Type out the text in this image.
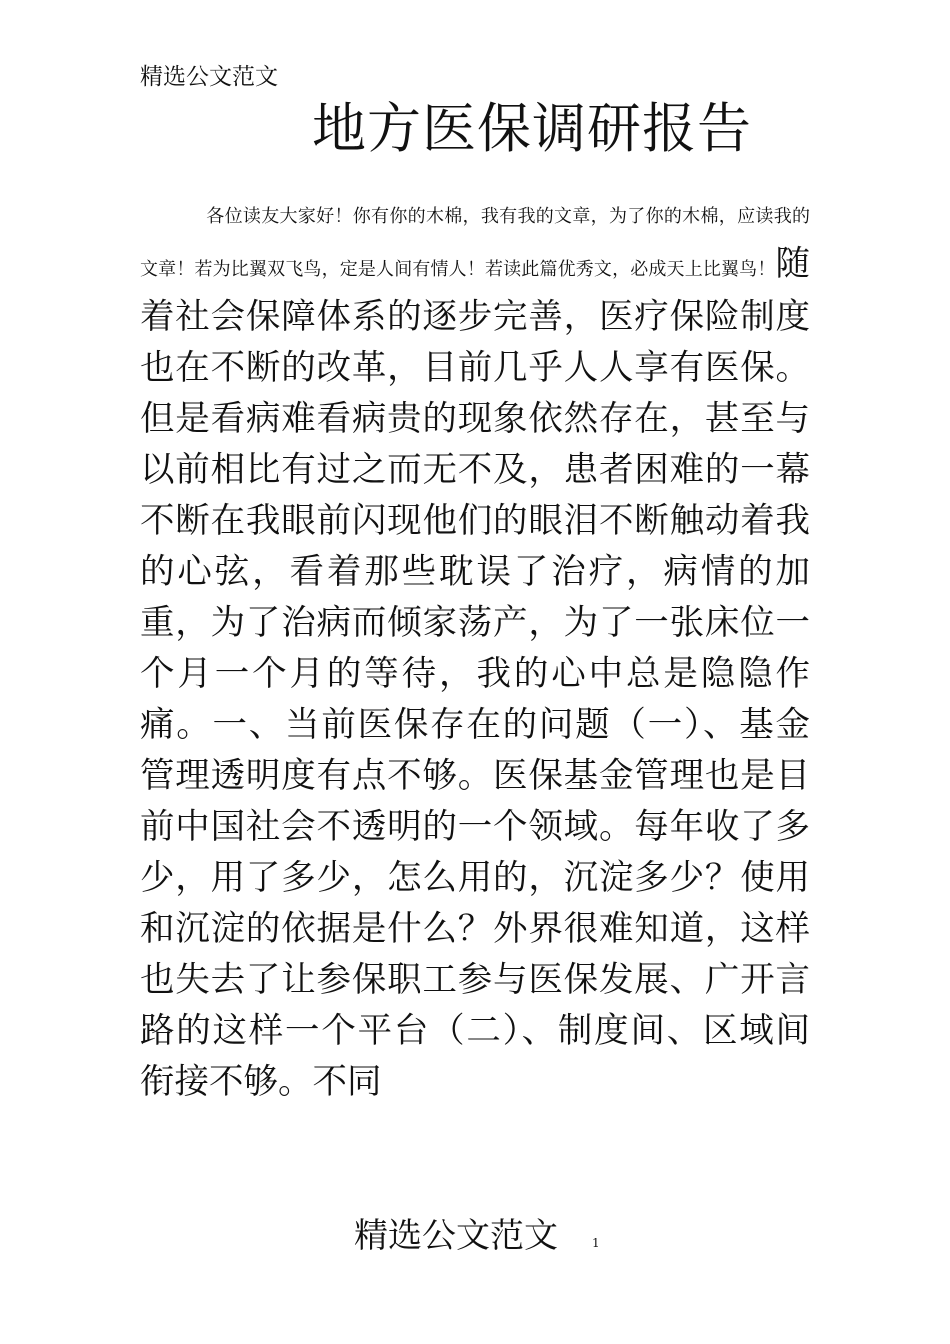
精选公文范文
地方医保调研报告
各位读友大家好！你有你的木棉，我有我的文章，为了你的木棉，应读我的文章！若为比翼双飞鸟，定是人间有情人！若读此篇优秀文，必成天上比翼鸟！随着社会保障体系的逐步完善，医疗保险制度也在不断的改革，目前几乎人人享有医保。但是看病难看病贵的现象依然存在，甚至与以前相比有过之而无不及，患者困难的一幕不断在我眼前闪现他们的眼泪不断触动着我的心弦，看着那些耽误了治疗，病情的加重，为了治病而倾家荡产，为了一张床位一个月一个月的等待，我的心中总是隐隐作痛。一、当前医保存在的问题（一）、基金管理透明度有点不够。医保基金管理也是目前中国社会不透明的一个领域。每年收了多少，用了多少，怎么用的，沉淀多少？使用和沉淀的依据是什么？外界很难知道，这样也失去了让参保职工参与医保发展、广开言路的这样一个平台（二）、制度间、区域间衔接不够。不同
精选公文范文	1
